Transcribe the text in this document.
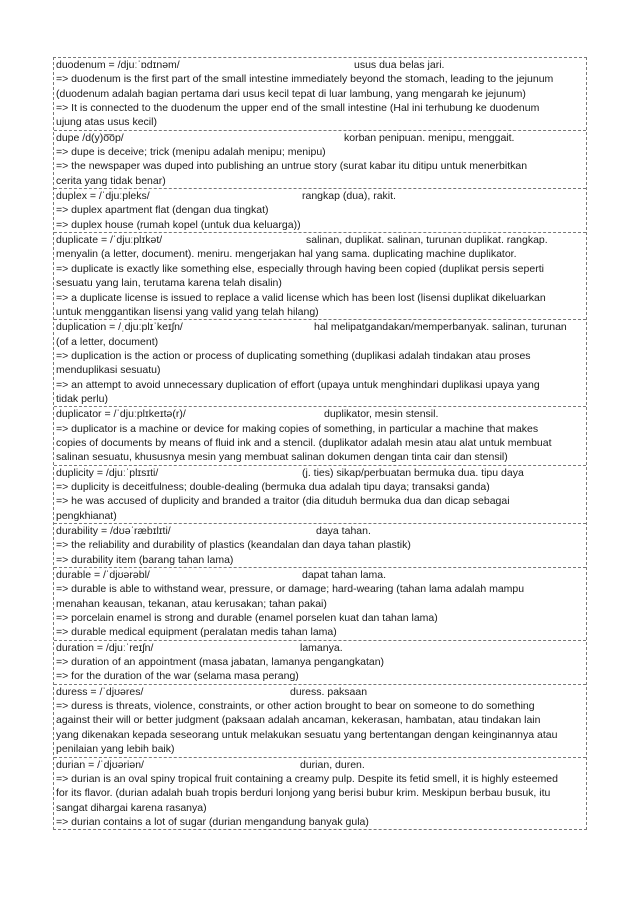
duodenum = /djuːˈɒdɪnəm/	usus dua belas jari.
=> duodenum is the first part of the small intestine immediately beyond the stomach, leading to the jejunum
(duodenum adalah bagian pertama dari usus kecil tepat di luar lambung, yang mengarah ke jejunum)
=> It is connected to the duodenum the upper end of the small intestine (Hal ini terhubung ke duodenum
ujung atas usus kecil)
dupe /d(y)o͞op/	korban penipuan. menipu, menggait.
=> dupe is deceive; trick (menipu adalah menipu; menipu)
=> the newspaper was duped into publishing an untrue story (surat kabar itu ditipu untuk menerbitkan
cerita yang tidak benar)
duplex = /ˈdjuːpleks/	rangkap (dua), rakit.
=> duplex apartment flat (dengan dua tingkat)
=> duplex house (rumah kopel (untuk dua keluarga))
duplicate = /ˈdjuːplɪkət/	salinan, duplikat. salinan, turunan duplikat. rangkap.
menyalin (a letter, document). meniru. mengerjakan hal yang sama. duplicating machine duplikator.
=> duplicate is exactly like something else, especially through having been copied (duplikat persis seperti
sesuatu yang lain, terutama karena telah disalin)
=> a duplicate license is issued to replace a valid license which has been lost (lisensi duplikat dikeluarkan
untuk menggantikan lisensi yang valid yang telah hilang)
duplication = /ˌdjuːplɪˈkeɪʃn/	hal melipatgandakan/memperbanyak. salinan, turunan
(of a letter, document)
=> duplication is the action or process of duplicating something (duplikasi adalah tindakan atau proses
menduplikasi sesuatu)
=> an attempt to avoid unnecessary duplication of effort (upaya untuk menghindari duplikasi upaya yang
tidak perlu)
duplicator = /ˈdjuːplɪkeɪtə(r)/	duplikator, mesin stensil.
=> duplicator is a machine or device for making copies of something, in particular a machine that makes
copies of documents by means of fluid ink and a stencil. (duplikator adalah mesin atau alat untuk membuat
salinan sesuatu, khususnya mesin yang membuat salinan dokumen dengan tinta cair dan stensil)
duplicity = /djuːˈplɪsɪti/	(j. ties) sikap/perbuatan bermuka dua. tipu daya
=> duplicity is deceitfulness; double-dealing (bermuka dua adalah tipu daya; transaksi ganda)
=> he was accused of duplicity and branded a traitor (dia dituduh bermuka dua dan dicap sebagai
pengkhianat)
durability = /dʊəˈræbɪlɪti/	daya tahan.
=> the reliability and durability of plastics (keandalan dan daya tahan plastik)
=> durability item (barang tahan lama)
durable = /ˈdjʊərəbl/	dapat tahan lama.
=> durable is able to withstand wear, pressure, or damage; hard-wearing (tahan lama adalah mampu
menahan keausan, tekanan, atau kerusakan; tahan pakai)
=> porcelain enamel is strong and durable (enamel porselen kuat dan tahan lama)
=> durable medical equipment (peralatan medis tahan lama)
duration = /djuːˈreɪʃn/	lamanya.
=> duration of an appointment (masa jabatan, lamanya pengangkatan)
=> for the duration of the war (selama masa perang)
duress = /ˈdjʊəres/	duress. paksaan
=> duress is threats, violence, constraints, or other action brought to bear on someone to do something
against their will or better judgment (paksaan adalah ancaman, kekerasan, hambatan, atau tindakan lain
yang dikenakan kepada seseorang untuk melakukan sesuatu yang bertentangan dengan keinginannya atau
penilaian yang lebih baik)
durian = /ˈdjʊəriən/	durian, duren.
=> durian is an oval spiny tropical fruit containing a creamy pulp. Despite its fetid smell, it is highly esteemed
for its flavor. (durian adalah buah tropis berduri lonjong yang berisi bubur krim. Meskipun berbau busuk, itu
sangat dihargai karena rasanya)
=> durian contains a lot of sugar (durian mengandung banyak gula)
